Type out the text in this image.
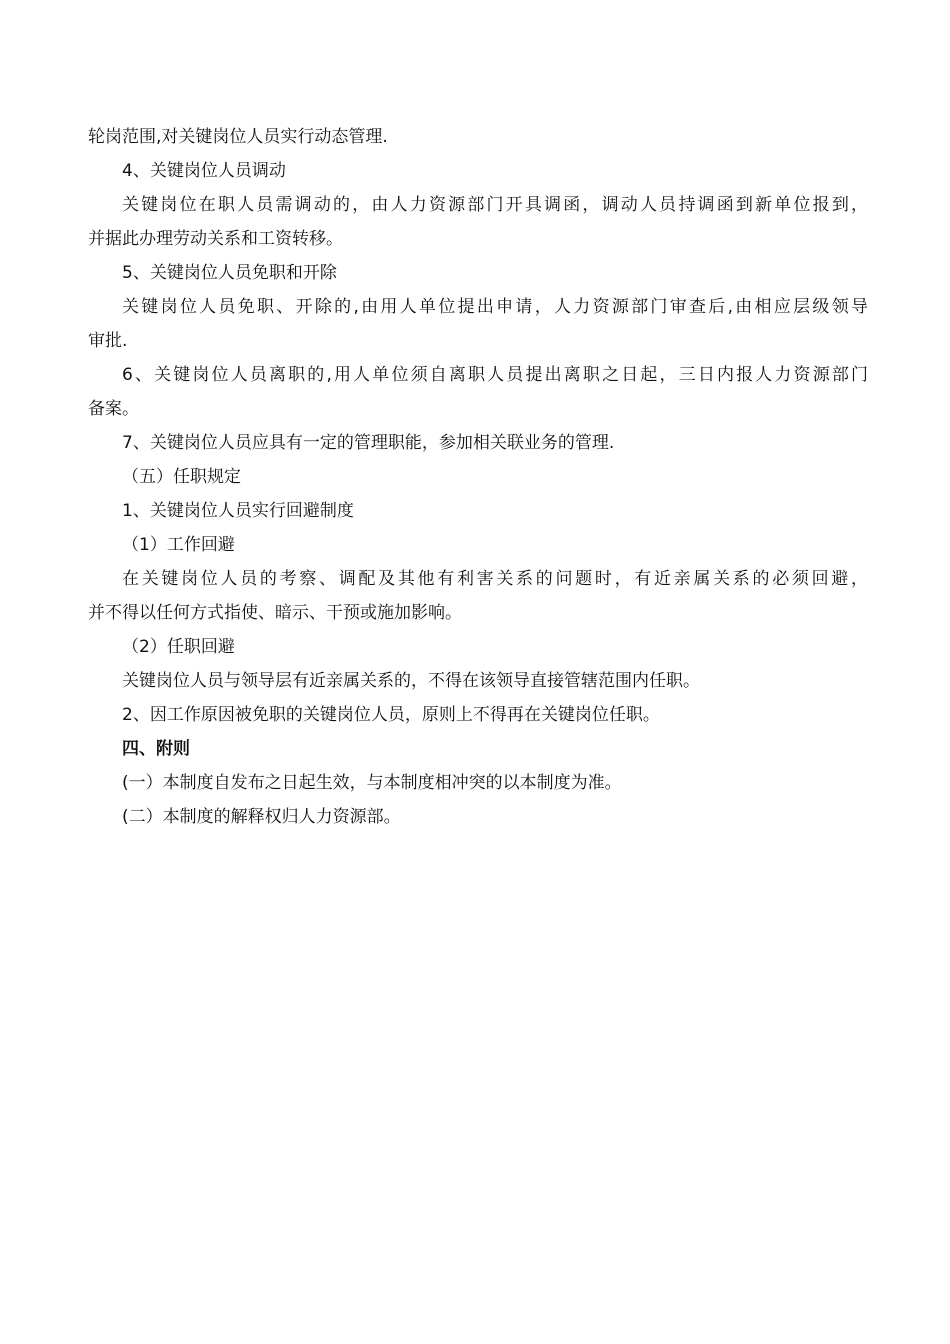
轮岗范围,对关键岗位人员实行动态管理.
4、关键岗位人员调动
关键岗位在职人员需调动的，由人力资源部门开具调函，调动人员持调函到新单位报到，
并据此办理劳动关系和工资转移。
5、关键岗位人员免职和开除
关键岗位人员免职、开除的,由用人单位提出申请，人力资源部门审查后,由相应层级领导
审批.
6、关键岗位人员离职的,用人单位须自离职人员提出离职之日起，三日内报人力资源部门
备案。
7、关键岗位人员应具有一定的管理职能，参加相关联业务的管理.
（五）任职规定
1、关键岗位人员实行回避制度
（1）工作回避
在关键岗位人员的考察、调配及其他有利害关系的问题时，有近亲属关系的必须回避，
并不得以任何方式指使、暗示、干预或施加影响。
（2）任职回避
关键岗位人员与领导层有近亲属关系的，不得在该领导直接管辖范围内任职。
2、因工作原因被免职的关键岗位人员，原则上不得再在关键岗位任职。
四、附则
(一）本制度自发布之日起生效，与本制度相冲突的以本制度为准。
(二）本制度的解释权归人力资源部。
